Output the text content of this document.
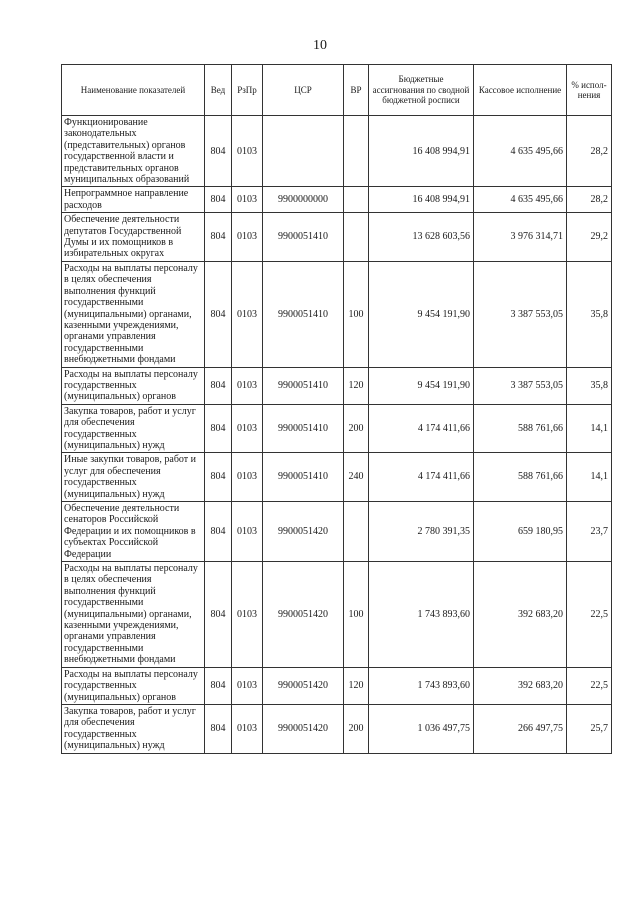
10
Наименование показателей	Вед	РзПр	ЦСР	ВР	Бюджетные ассигнования по сводной бюджетной росписи	Кассовое исполнение	% испол-нения
Функционирование законодательных (представительных) органов государственной власти и представительных органов муниципальных образований	804	0103			16 408 994,91	4 635 495,66	28,2
Непрограммное направление расходов	804	0103	9900000000		16 408 994,91	4 635 495,66	28,2
Обеспечение деятельности депутатов Государственной Думы и их помощников в избирательных округах	804	0103	9900051410		13 628 603,56	3 976 314,71	29,2
Расходы на выплаты персоналу в целях обеспечения выполнения функций государственными (муниципальными) органами, казенными учреждениями, органами управления государственными внебюджетными фондами	804	0103	9900051410	100	9 454 191,90	3 387 553,05	35,8
Расходы на выплаты персоналу государственных (муниципальных) органов	804	0103	9900051410	120	9 454 191,90	3 387 553,05	35,8
Закупка товаров, работ и услуг для обеспечения государственных (муниципальных) нужд	804	0103	9900051410	200	4 174 411,66	588 761,66	14,1
Иные закупки товаров, работ и услуг для обеспечения государственных (муниципальных) нужд	804	0103	9900051410	240	4 174 411,66	588 761,66	14,1
Обеспечение деятельности сенаторов Российской Федерации и их помощников в субъектах Российской Федерации	804	0103	9900051420		2 780 391,35	659 180,95	23,7
Расходы на выплаты персоналу в целях обеспечения выполнения функций государственными (муниципальными) органами, казенными учреждениями, органами управления государственными внебюджетными фондами	804	0103	9900051420	100	1 743 893,60	392 683,20	22,5
Расходы на выплаты персоналу государственных (муниципальных) органов	804	0103	9900051420	120	1 743 893,60	392 683,20	22,5
Закупка товаров, работ и услуг для обеспечения государственных (муниципальных) нужд	804	0103	9900051420	200	1 036 497,75	266 497,75	25,7
